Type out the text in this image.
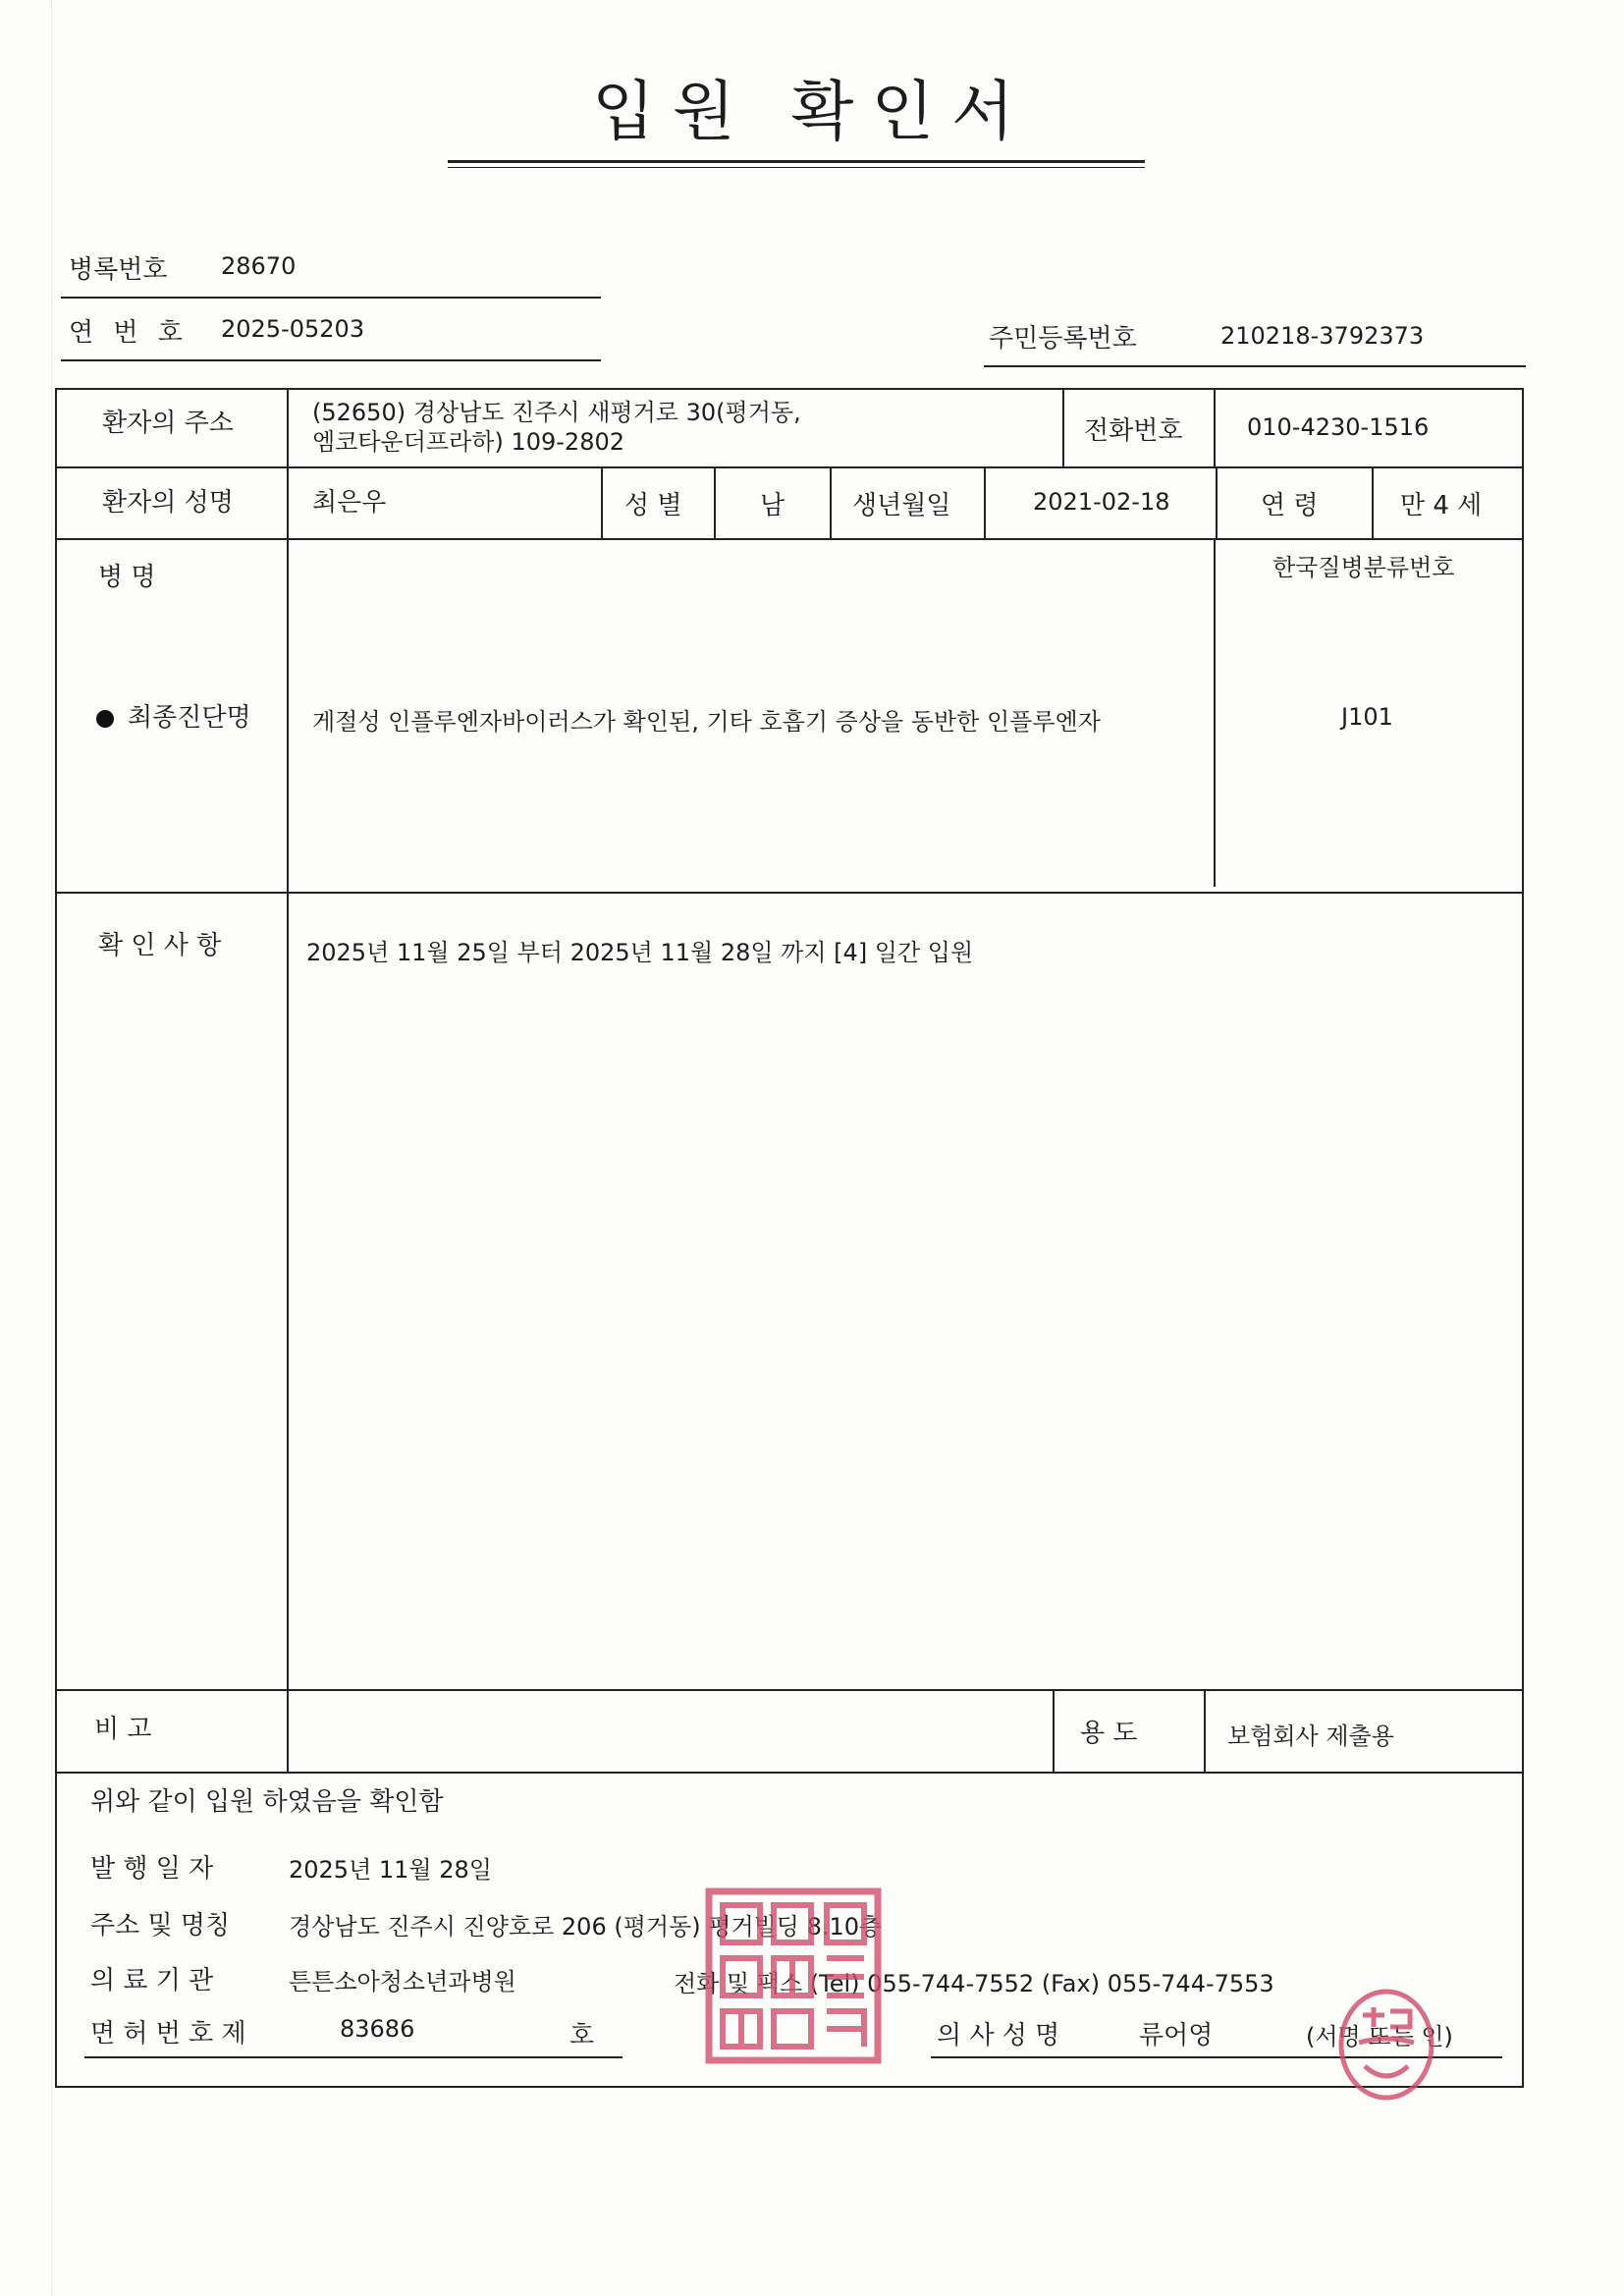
입원 확인서
병록번호 28670
연 번 호 2025-05203	주민등록번호	210218-3792373
환자의 주소	(52650) 경상남도 진주시 새평거로 30(평거동,
엠코타운더프라하) 109-2802	전화번호	010-4230-1516
환자의 성명	최은우	성 별	남	생년월일	2021-02-18	연 령	만 4 세
병 명
최종진단명	게절성 인플루엔자바이러스가 확인된, 기타 호흡기 증상을 동반한 인플루엔자
한국질병분류번호
J101
확 인 사 항	2025년 11월 25일 부터 2025년 11월 28일 까지 [4] 일간 입원
비 고	용 도	보험회사 제출용
위와 같이 입원 하였음을 확인함
발 행 일 자	2025년 11월 28일
주소 및 명칭 경상남도 진주시 진양호로 206 (평거동) 평거빌딩 8.10층
의 료 기 관	튼튼소아청소년과병원	전화 및 팩스 (Tel) 055-744-7552 (Fax) 055-744-7553
면 허 번 호 제	83686	호	의 사 성 명	류어영	(서명 또는 인)
